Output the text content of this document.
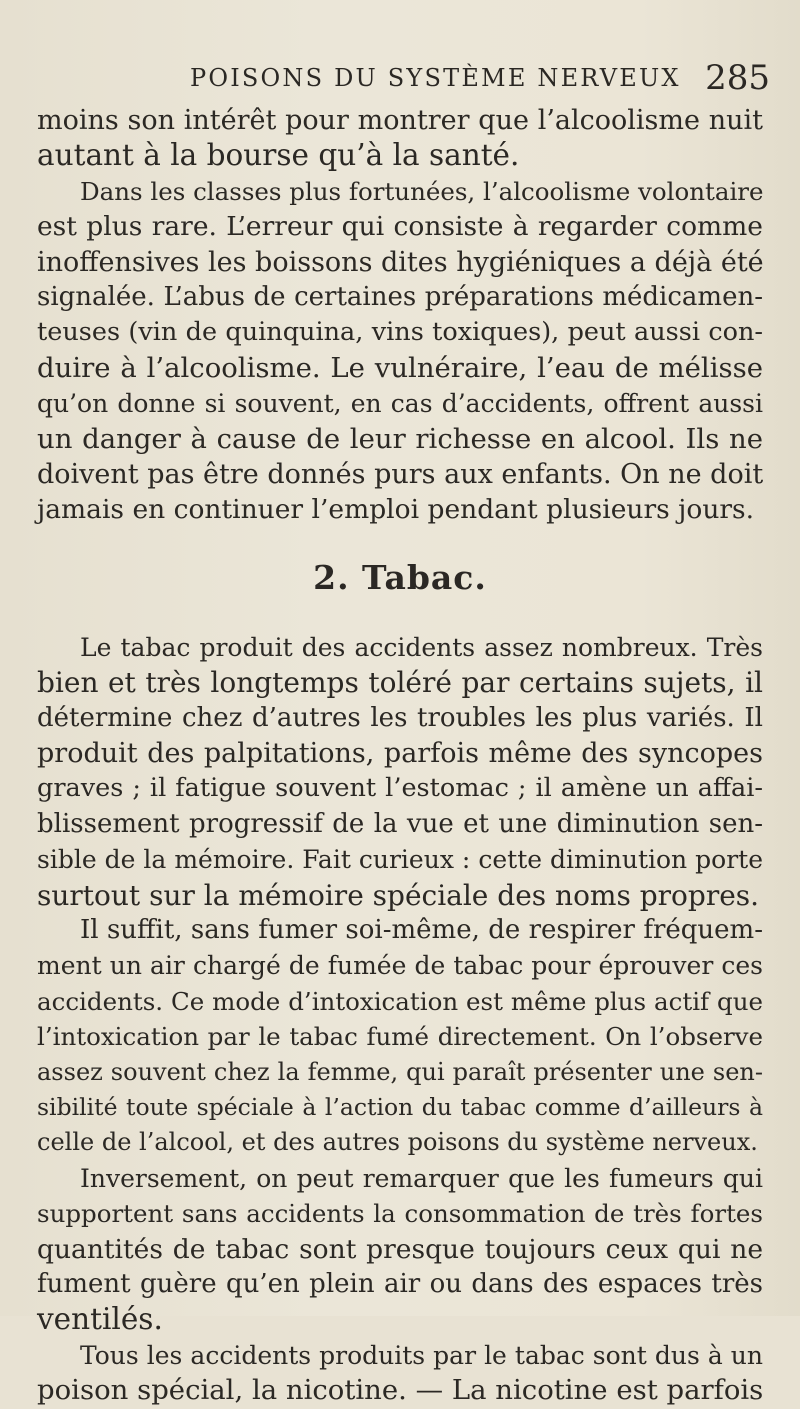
POISONS DU SYSTÈME NERVEUX 285
moins son intérêt pour montrer que l’alcoolisme nuit
autant à la bourse qu’à la santé.
Dans les classes plus fortunées, l’alcoolisme volontaire
est plus rare. L’erreur qui consiste à regarder comme
inoffensives les boissons dites hygiéniques a déjà été
signalée. L’abus de certaines préparations médicamen-
teuses (vin de quinquina, vins toxiques), peut aussi con-
duire à l’alcoolisme. Le vulnéraire, l’eau de mélisse
qu’on donne si souvent, en cas d’accidents, offrent aussi
un danger à cause de leur richesse en alcool. Ils ne
doivent pas être donnés purs aux enfants. On ne doit
jamais en continuer l’emploi pendant plusieurs jours.
2. Tabac.
Le tabac produit des accidents assez nombreux. Très
bien et très longtemps toléré par certains sujets, il
détermine chez d’autres les troubles les plus variés. Il
produit des palpitations, parfois même des syncopes
graves ; il fatigue souvent l’estomac ; il amène un affai-
blissement progressif de la vue et une diminution sen-
sible de la mémoire. Fait curieux : cette diminution porte
surtout sur la mémoire spéciale des noms propres.
Il suffit, sans fumer soi-même, de respirer fréquem-
ment un air chargé de fumée de tabac pour éprouver ces
accidents. Ce mode d’intoxication est même plus actif que
l’intoxication par le tabac fumé directement. On l’observe
assez souvent chez la femme, qui paraît présenter une sen-
sibilité toute spéciale à l’action du tabac comme d’ailleurs à
celle de l’alcool, et des autres poisons du système nerveux.
Inversement, on peut remarquer que les fumeurs qui
supportent sans accidents la consommation de très fortes
quantités de tabac sont presque toujours ceux qui ne
fument guère qu’en plein air ou dans des espaces très
ventilés.
Tous les accidents produits par le tabac sont dus à un
poison spécial, la nicotine. — La nicotine est parfois
